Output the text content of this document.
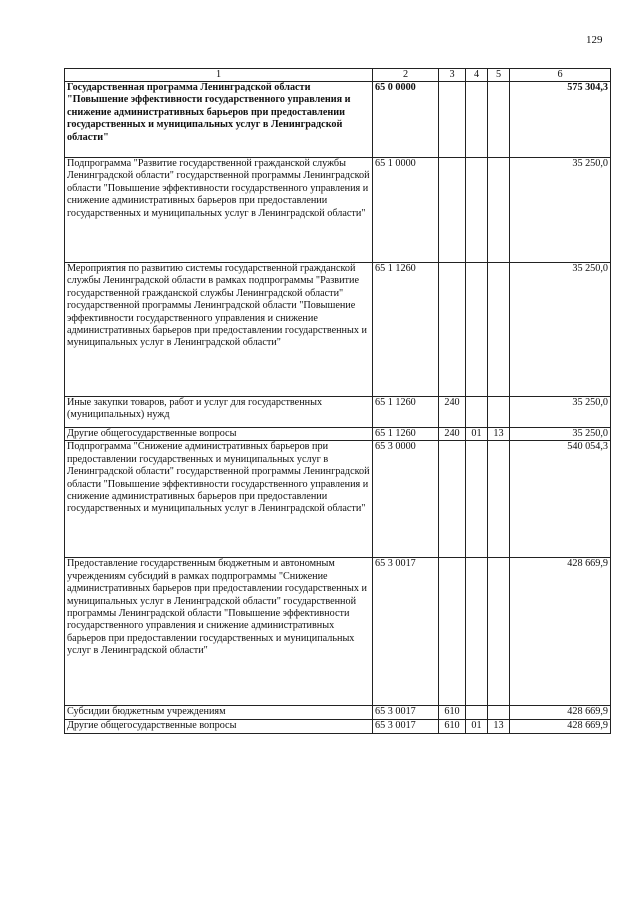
129
1	2	3	4	5	6
Государственная программа Ленинградской области "Повышение эффективности государственного управления и снижение административных барьеров при предоставлении государственных и муниципальных услуг в Ленинградской области"	65 0 0000				575 304,3
Подпрограмма "Развитие государственной гражданской службы Ленинградской области" государственной программы Ленинградской области "Повышение эффективности государственного управления и снижение административных барьеров при предоставлении государственных и муниципальных услуг в Ленинградской области"	65 1 0000				35 250,0
Мероприятия по развитию системы государственной гражданской службы Ленинградской области в рамках подпрограммы "Развитие государственной гражданской службы Ленинградской области" государственной программы Ленинградской области "Повышение эффективности государственного управления и снижение административных барьеров при предоставлении государственных и муниципальных услуг в Ленинградской области"	65 1 1260				35 250,0
Иные закупки товаров, работ и услуг для государственных (муниципальных) нужд	65 1 1260	240			35 250,0
Другие общегосударственные вопросы	65 1 1260	240	01	13	35 250,0
Подпрограмма "Снижение административных барьеров при предоставлении государственных и муниципальных услуг в Ленинградской области" государственной программы Ленинградской области "Повышение эффективности государственного управления и снижение административных барьеров при предоставлении государственных и муниципальных услуг в Ленинградской области"	65 3 0000				540 054,3
Предоставление государственным бюджетным и автономным учреждениям субсидий в рамках подпрограммы "Снижение административных барьеров при предоставлении государственных и муниципальных услуг в Ленинградской области" государственной программы Ленинградской области "Повышение эффективности государственного управления и снижение административных барьеров при предоставлении государственных и муниципальных услуг в Ленинградской области"	65 3 0017				428 669,9
Субсидии бюджетным учреждениям	65 3 0017	610			428 669,9
Другие общегосударственные вопросы	65 3 0017	610	01	13	428 669,9
